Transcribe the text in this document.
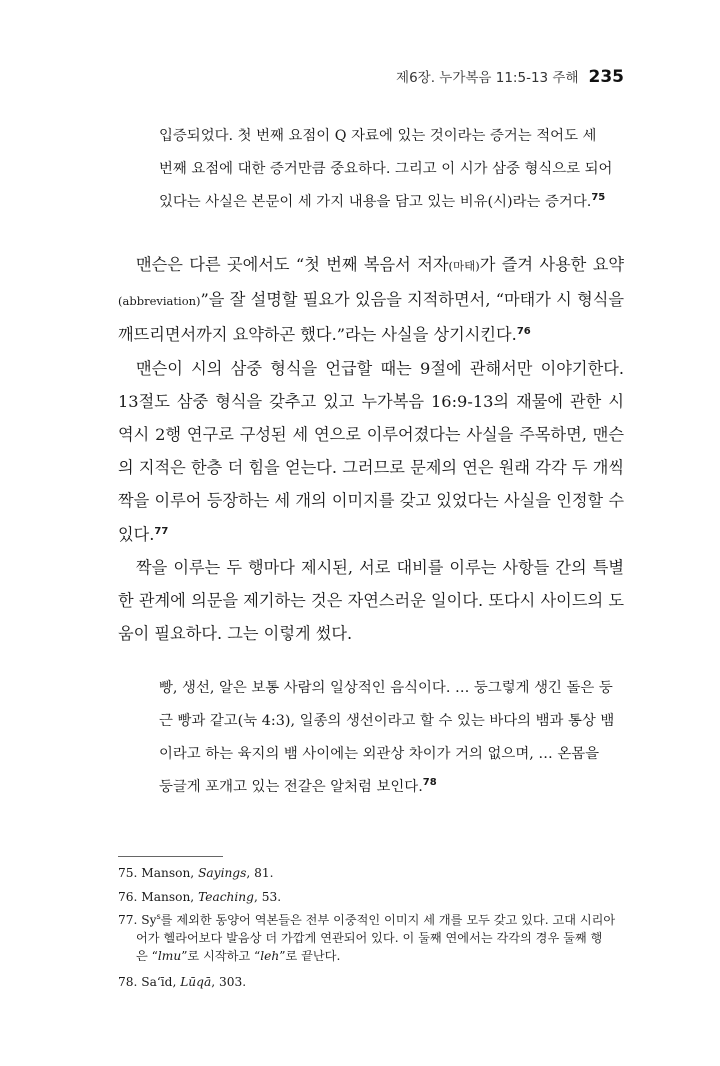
제6장. 누가복음 11:5-13 주해 235
입증되었다. 첫 번째 요점이 Q 자료에 있는 것이라는 증거는 적어도 세
번째 요점에 대한 증거만큼 중요하다. 그리고 이 시가 삼중 형식으로 되어
있다는 사실은 본문이 세 가지 내용을 담고 있는 비유(시)라는 증거다.$^{75}$

맨슨은 다른 곳에서도 “첫 번째 복음서 저자(마태)가 즐겨 사용한 요약 (abbreviation)”을 잘 설명할 필요가 있음을 지적하면서, “마태가 시 형식을 깨뜨리면서까지 요약하곤 했다.”라는 사실을 상기시킨다.$^{76}$

맨슨이 시의 삼중 형식을 언급할 때는 9절에 관해서만 이야기한다. 13절도 삼중 형식을 갖추고 있고 누가복음 16:9-13의 재물에 관한 시 역시 2행 연구로 구성된 세 연으로 이루어졌다는 사실을 주목하면, 맨슨의 지적은 한층 더 힘을 얻는다. 그러므로 문제의 연은 원래 각각 두 개씩 짝을 이루어 등장하는 세 개의 이미지를 갖고 있었다는 사실을 인정할 수 있다.$^{77}$

짝을 이루는 두 행마다 제시된, 서로 대비를 이루는 사항들 간의 특별한 관계에 의문을 제기하는 것은 자연스러운 일이다. 또다시 사이드의 도움이 필요하다. 그는 이렇게 썼다.

빵, 생선, 알은 보통 사람의 일상적인 음식이다. … 둥그렇게 생긴 돌은 둥
근 빵과 같고(눅 4:3), 일종의 생선이라고 할 수 있는 바다의 뱀과 통상 뱀
이라고 하는 육지의 뱀 사이에는 외관상 차이가 거의 없으며, … 온몸을
둥글게 포개고 있는 전갈은 알처럼 보인다.$^{78}$
75. Manson, Sayings, 81.
76. Manson, Teaching, 53.
77. Sy$^s$를 제외한 동양어 역본들은 전부 이중적인 이미지 세 개를 모두 갖고 있다. 고대 시리아
어가 헬라어보다 발음상 더 가깝게 연관되어 있다. 이 둘째 연에서는 각각의 경우 둘째 행
은 “lmu”로 시작하고 “leh”로 끝난다.
78. Sa‘īd, Lūqā, 303.
